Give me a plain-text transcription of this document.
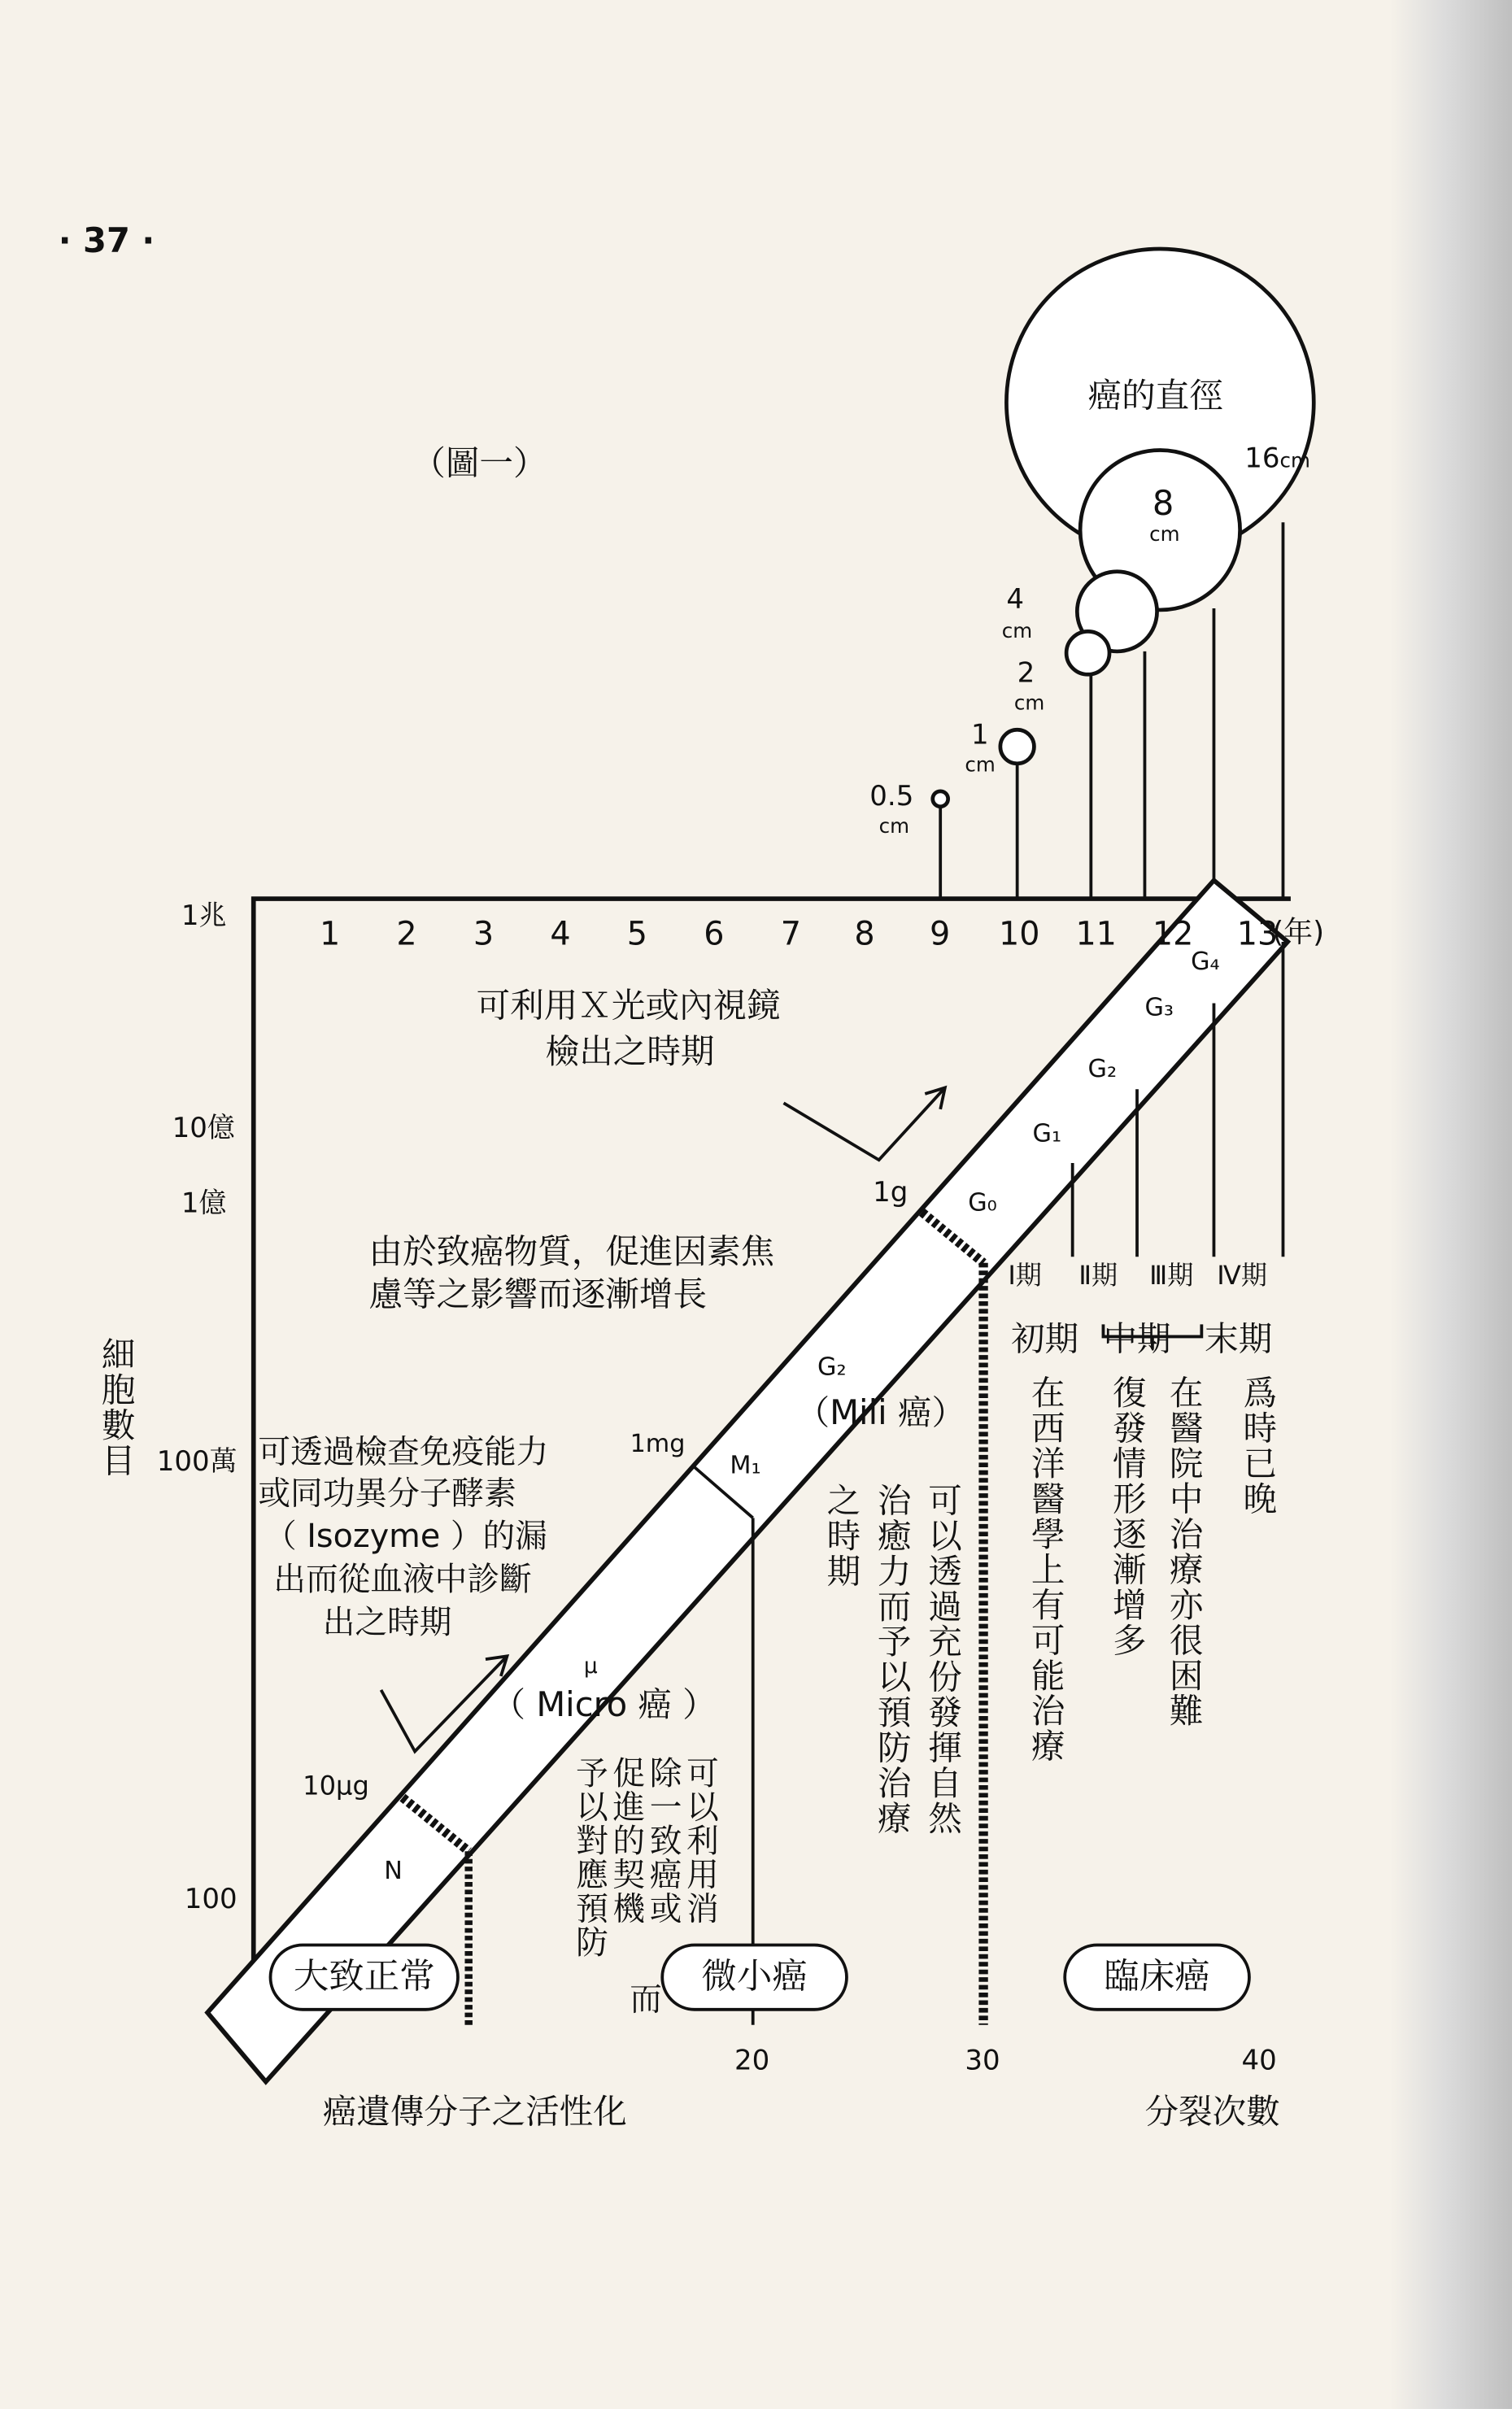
· 37 ·
（圖一）
癌的直徑
16cm
8
cm
4
cm
2
cm
1
cm
0.5
cm
1	2	3	4	5	6	7	8	9	10 11 12	13
(年)
1兆
10億
1億
100萬
100
細胞數目
20	30	40
癌遺傳分子之活性化	分裂次數
1g
1mg
10μg
μ
N
M₁
G₂
G₀
G₁
G₂
G₃
G₄
Ⅰ期	Ⅱ期 Ⅲ期 Ⅳ期
初期 中期 末期
可利用Ｘ光或內視鏡
檢出之時期
由於致癌物質，促進因素焦
慮等之影響而逐漸增長
（Mili 癌）
（ Micro 癌 ）
可透過檢查免疫能力
或同功異分子酵素
（ Isozyme ）的漏
出而從血液中診斷
出之時期
可以利用消
除一致癌或
促進的契機
予以對應預防
而
可以透過充份發揮自然
治癒力而予以預防治療
之時期	在西洋醫學上有可能治療 復發情形逐漸增多 在醫院中治療亦很困難 爲時已晚
大致正常	微小癌	臨床癌
